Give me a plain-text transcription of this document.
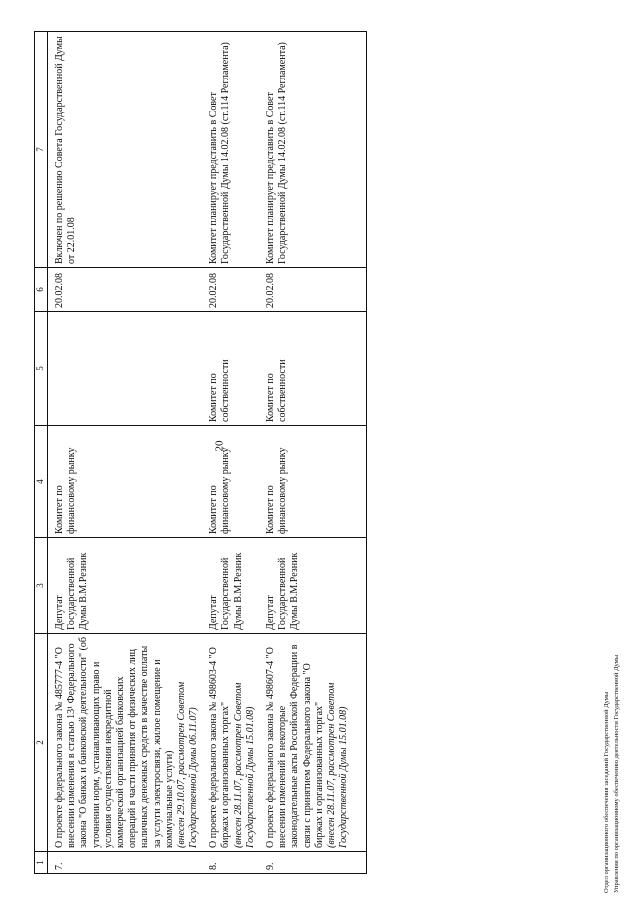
20
Отдел организационного обеспечения заседаний Государственной Думы Управления по организационному обеспечению деятельности Государственной Думы
1	2	3	4	5	6	7
7.	О проекте федерального закона № 485777-4 "О внесении изменения в статью 13¹ Федерального закона "О банках и банковской деятельности" (об уточнении норм, устанавливающих право и условия осуществления некредитной коммерческой организацией банковских операций в части принятия от физических лиц наличных денежных средств в качестве оплаты за услуги электросвязи, жилое помещение и коммунальные услуги) (внесен 29.10.07, рассмотрен Советом Государственной Думы 06.11.07)	Депутат Государственной Думы В.М.Резник	Комитет по финансовому рынку		20.02.08	Включен по решению Совета Государственной Думы от 22.01.08
8.	О проекте федерального закона № 498603-4 "О биржах и организованных торгах" (внесен 28.11.07, рассмотрен Советом Государственной Думы 15.01.08)	Депутат Государственной Думы В.М.Резник	Комитет по финансовому рынку	Комитет по собственности	20.02.08	Комитет планирует представить в Совет Государственной Думы 14.02.08 (ст.114 Регламента)
9.	О проекте федерального закона № 498607-4 "О внесении изменений в некоторые законодательные акты Российской Федерации в связи с принятием Федерального закона "О биржах и организованных торгах" (внесен 28.11.07, рассмотрен Советом Государственной Думы 15.01.08)	Депутат Государственной Думы В.М.Резник	Комитет по финансовому рынку	Комитет по собственности	20.02.08	Комитет планирует представить в Совет Государственной Думы 14.02.08 (ст.114 Регламента)
